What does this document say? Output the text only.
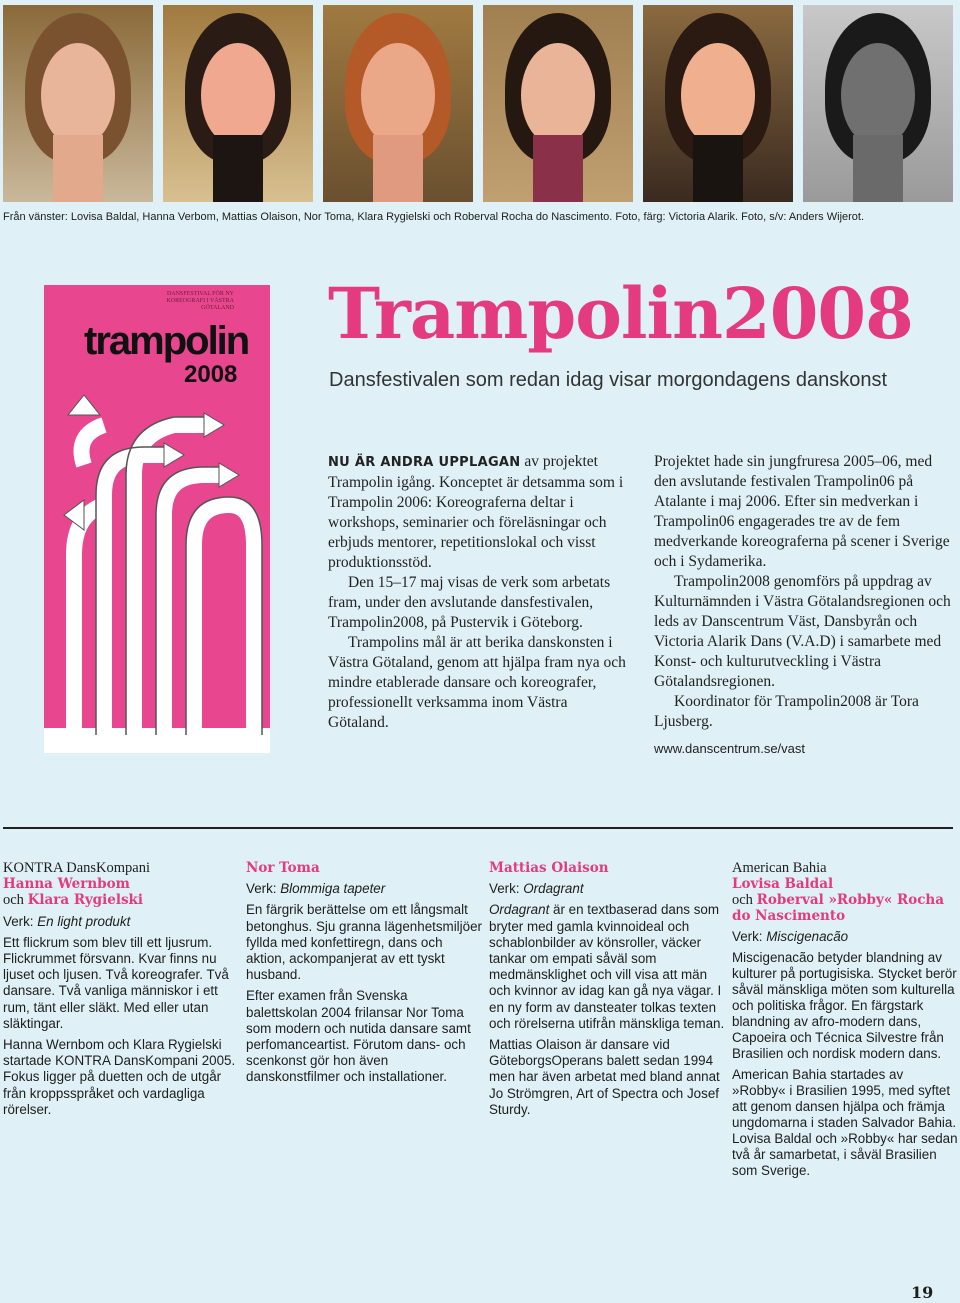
Från vänster: Lovisa Baldal, Hanna Verbom, Mattias Olaison, Nor Toma, Klara Rygielski och Roberval Rocha do Nascimento. Foto, färg: Victoria Alarik. Foto, s/v: Anders Wijerot.
DANSFESTIVAL FÖR NY KOREOGRAFI I VÄSTRA GÖTALAND
trampolin
2008
Trampolin2008
Dansfestivalen som redan idag visar morgondagens danskonst

NU ÄR ANDRA UPPLAGAN av projektet Trampolin igång. Konceptet är detsamma som i Trampolin 2006: Koreograferna deltar i workshops, seminarier och föreläsningar och erbjuds mentorer, repetitionslokal och visst produktionsstöd.

Den 15–17 maj visas de verk som arbetats fram, under den avslutande dansfestivalen, Trampolin2008, på Pustervik i Göteborg.

Trampolins mål är att berika danskonsten i Västra Götaland, genom att hjälpa fram nya och mindre etablerade dansare och koreografer, professionellt verksamma inom Västra Götaland.

Projektet hade sin jungfruresa 2005–06, med den avslutande festivalen Trampolin06 på Atalante i maj 2006. Efter sin medverkan i Trampolin06 engagerades tre av de fem medverkande koreograferna på scener i Sverige och i Sydamerika.

Trampolin2008 genomförs på uppdrag av Kulturnämnden i Västra Götalandsregionen och leds av Danscentrum Väst, Dansbyrån och Victoria Alarik Dans (V.A.D) i samarbete med Konst- och kulturutveckling i Västra Götalandsregionen.

Koordinator för Trampolin2008 är Tora Ljusberg.

www.danscentrum.se/vast
KONTRA DansKompani
Hanna Wernbom
och Klara Rygielski

Verk: En light produkt

Ett flickrum som blev till ett ljusrum. Flickrummet försvann. Kvar finns nu ljuset och ljusen. Två koreografer. Två dansare. Två vanliga människor i ett rum, tänt eller släkt. Med eller utan släktingar.

Hanna Wernbom och Klara Rygielski startade KONTRA DansKompani 2005. Fokus ligger på duetten och de utgår från kroppsspråket och vardagliga rörelser.

Nor Toma

Verk: Blommiga tapeter

En färgrik berättelse om ett långsmalt betonghus. Sju granna lägenhetsmiljöer fyllda med konfettiregn, dans och aktion, ackompanjerat av ett tyskt husband.

Efter examen från Svenska balettskolan 2004 frilansar Nor Toma som modern och nutida dansare samt perfomanceartist. Förutom dans- och scenkonst gör hon även danskonstfilmer och installationer.

Mattias Olaison

Verk: Ordagrant

Ordagrant är en textbaserad dans som bryter med gamla kvinnoideal och schablonbilder av könsroller, väcker tankar om empati såväl som medmänsklighet och vill visa att män och kvinnor av idag kan gå nya vägar. I en ny form av dansteater tolkas texten och rörelserna utifrån mänskliga teman.

Mattias Olaison är dansare vid GöteborgsOperans balett sedan 1994 men har även arbetat med bland annat Jo Strömgren, Art of Spectra och Josef Sturdy.

American Bahia
Lovisa Baldal
och Roberval »Robby« Rocha do Nascimento

Verk: Miscigenacão

Miscigenacão betyder blandning av kulturer på portugisiska. Stycket berör såväl mänskliga möten som kulturella och politiska frågor. En färgstark blandning av afro-modern dans, Capoeira och Técnica Silvestre från Brasilien och nordisk modern dans.

American Bahia startades av »Robby« i Brasilien 1995, med syftet att genom dansen hjälpa och främja ungdomarna i staden Salvador Bahia. Lovisa Baldal och »Robby« har sedan två år samarbetat, i såväl Brasilien som Sverige.

19
